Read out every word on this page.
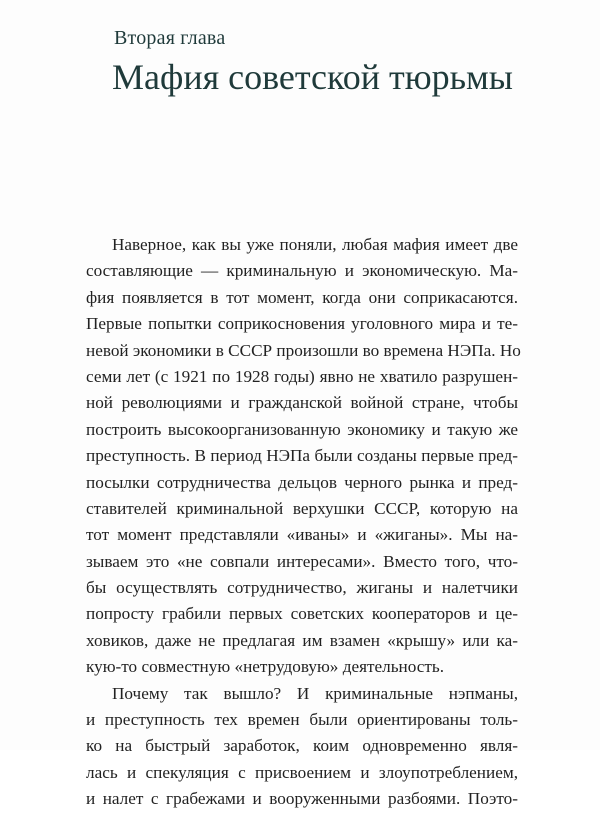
Вторая глава

Мафия советской тюрьмы
Наверное, как вы уже поняли, любая мафия имеет две
составляющие — криминальную и экономическую. Ма-
фия появляется в тот момент, когда они соприкасаются.
Первые попытки соприкосновения уголовного мира и те-
невой экономики в СССР произошли во времена НЭПа. Но
семи лет (с 1921 по 1928 годы) явно не хватило разрушен-
ной революциями и гражданской войной стране, чтобы
построить высокоорганизованную экономику и такую же
преступность. В период НЭПа были созданы первые пред-
посылки сотрудничества дельцов черного рынка и пред-
ставителей криминальной верхушки СССР, которую на
тот момент представляли «иваны» и «жиганы». Мы на-
зываем это «не совпали интересами». Вместо того, что-
бы осуществлять сотрудничество, жиганы и налетчики
попросту грабили первых советских кооператоров и це-
ховиков, даже не предлагая им взамен «крышу» или ка-
кую-то совместную «нетрудовую» деятельность.
Почему так вышло? И криминальные нэпманы,
и преступность тех времен были ориентированы толь-
ко на быстрый заработок, коим одновременно явля-
лась и спекуляция с присвоением и злоупотреблением,
и налет с грабежами и вооруженными разбоями. Поэто-
